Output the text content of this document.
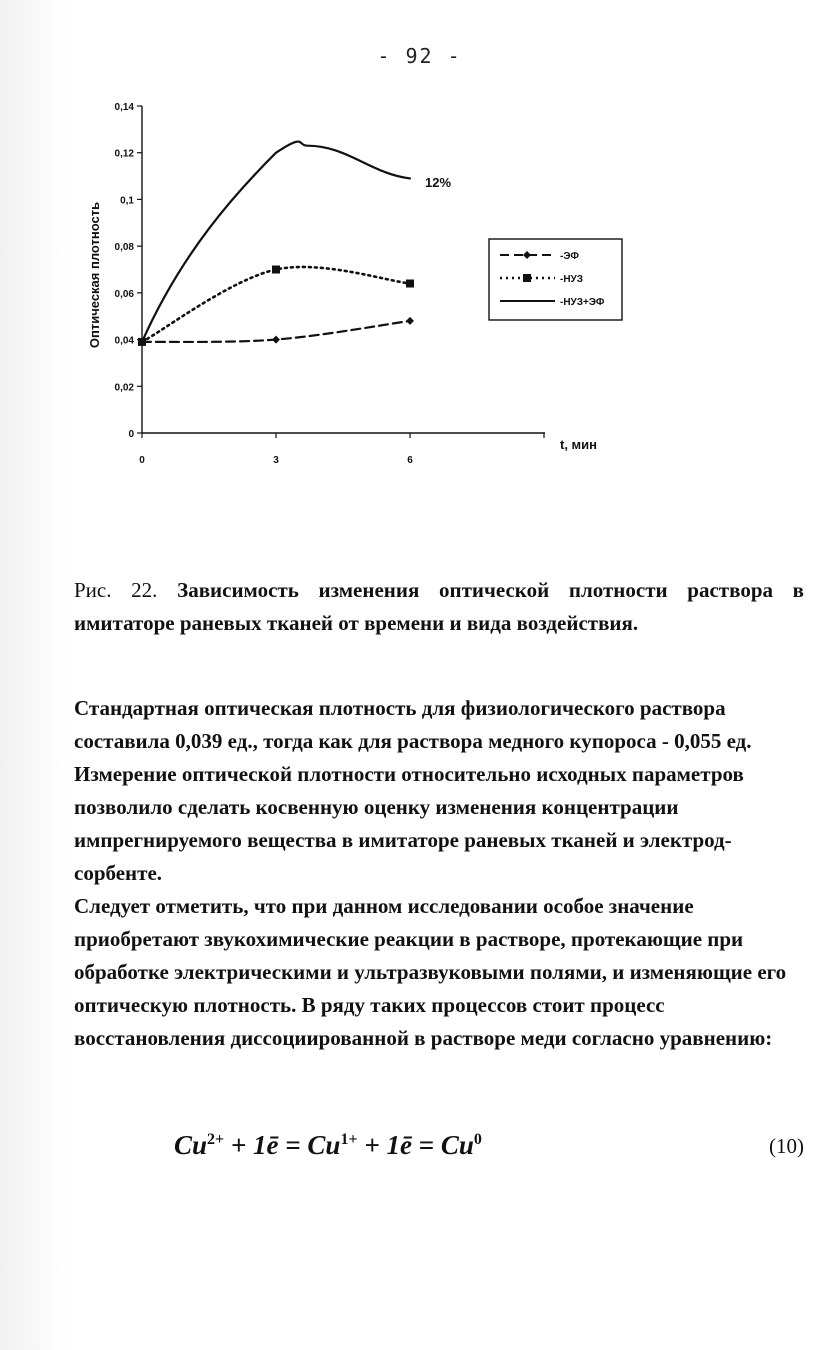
- 92 -
0
0,02
0,04
0,06
0,08
0,1
0,12
0,14
0	3	6
-ЭФ
-НУЗ
-НУЗ+ЭФ
Оптическая плотность
t, мин
12%
Рис. 22. Зависимость изменения оптической плотности раствора в имитаторе раневых тканей от времени и вида воздействия.
Стандартная оптическая плотность для физиологического раствора составила 0,039 ед., тогда как для раствора медного купороса - 0,055 ед. Измерение оптической плотности относительно исходных параметров позволило сделать косвенную оценку изменения концентрации импрегнируемого вещества в имитаторе раневых тканей и электрод-сорбенте.
Следует отметить, что при данном исследовании особое значение приобретают звукохимические реакции в растворе, протекающие при обработке электрическими и ультразвуковыми полями, и изменяющие его оптическую плотность. В ряду таких процессов стоит процесс восстановления диссоциированной в растворе меди согласно уравнению:
$Cu^{2+}$ + 1ē = $Cu^{1+}$ + 1ē = $Cu^0$	(10)
